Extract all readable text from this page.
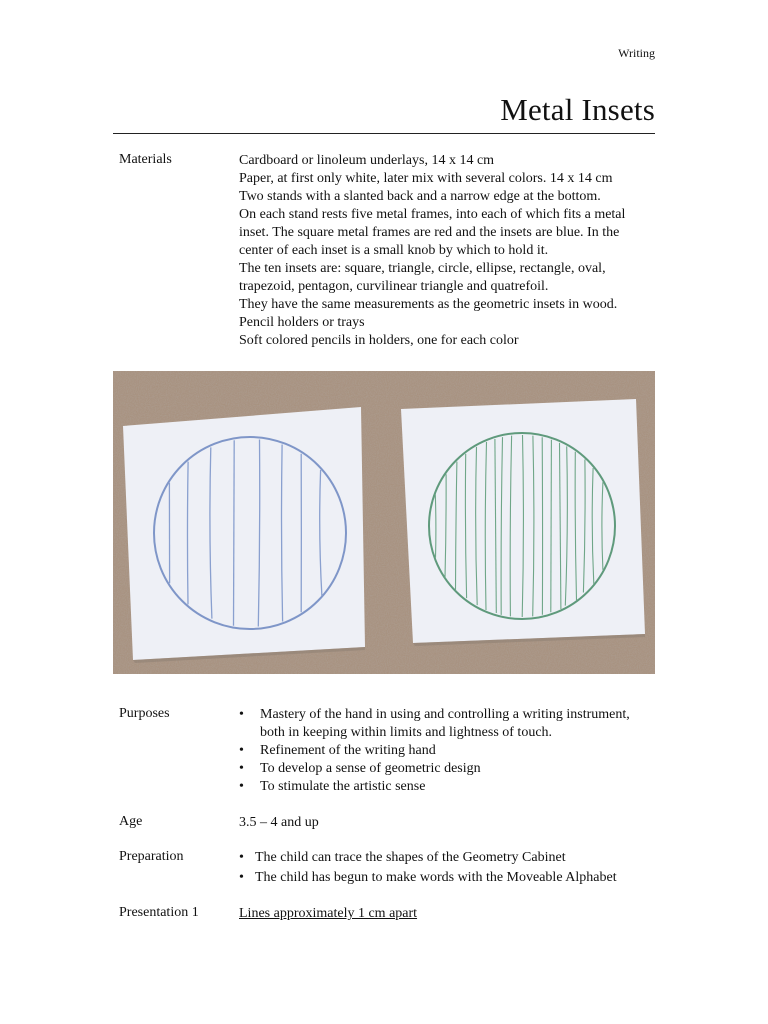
Writing
Metal Insets
Materials	Cardboard or linoleum underlays, 14 x 14 cm
Paper, at first only white, later mix with several colors. 14 x 14 cm
Two stands with a slanted back and a narrow edge at the bottom.
On each stand rests five metal frames, into each of which fits a metal
inset. The square metal frames are red and the insets are blue. In the
center of each inset is a small knob by which to hold it.
The ten insets are: square, triangle, circle, ellipse, rectangle, oval,
trapezoid, pentagon, curvilinear triangle and quatrefoil.
They have the same measurements as the geometric insets in wood.
Pencil holders or trays
Soft colored pencils in holders, one for each color
Purposes	• Mastery of the hand in using and controlling a writing instrument,
both in keeping within limits and lightness of touch.
• Refinement of the writing hand
• To develop a sense of geometric design
• To stimulate the artistic sense
Age	3.5 – 4 and up
Preparation	• The child can trace the shapes of the Geometry Cabinet
• The child has begun to make words with the Moveable Alphabet
Presentation 1	Lines approximately 1 cm apart
